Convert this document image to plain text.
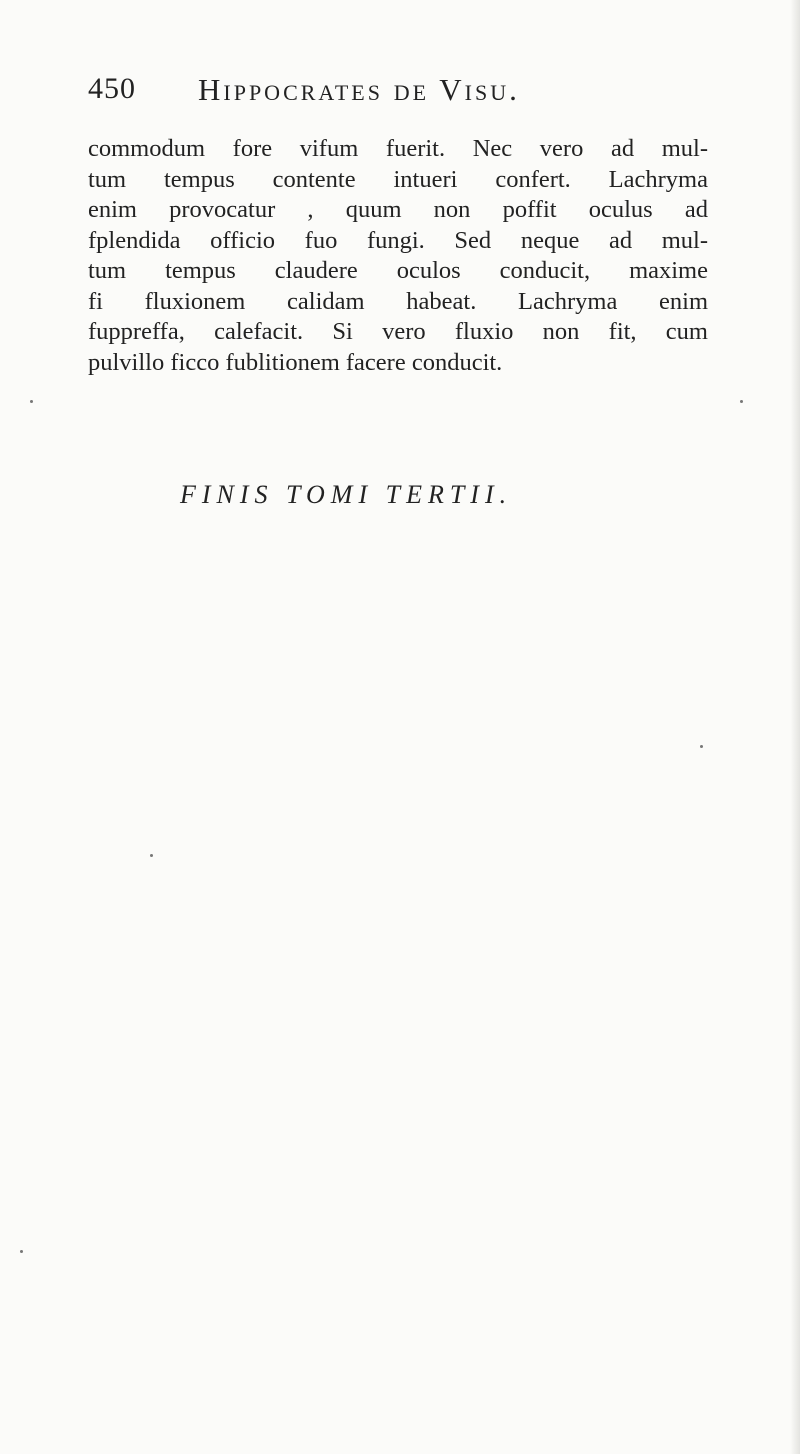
450 Hippocrates de Visu.
commodum fore vifum fuerit. Nec vero ad mul-
tum tempus contente intueri confert. Lachryma
enim provocatur , quum non poffit oculus ad
fplendida officio fuo fungi. Sed neque ad mul-
tum tempus claudere oculos conducit, maxime
fi fluxionem calidam habeat. Lachryma enim
fuppreffa, calefacit. Si vero fluxio non fit, cum
pulvillo ficco fublitionem facere conducit.
FINIS TOMI TERTII.
